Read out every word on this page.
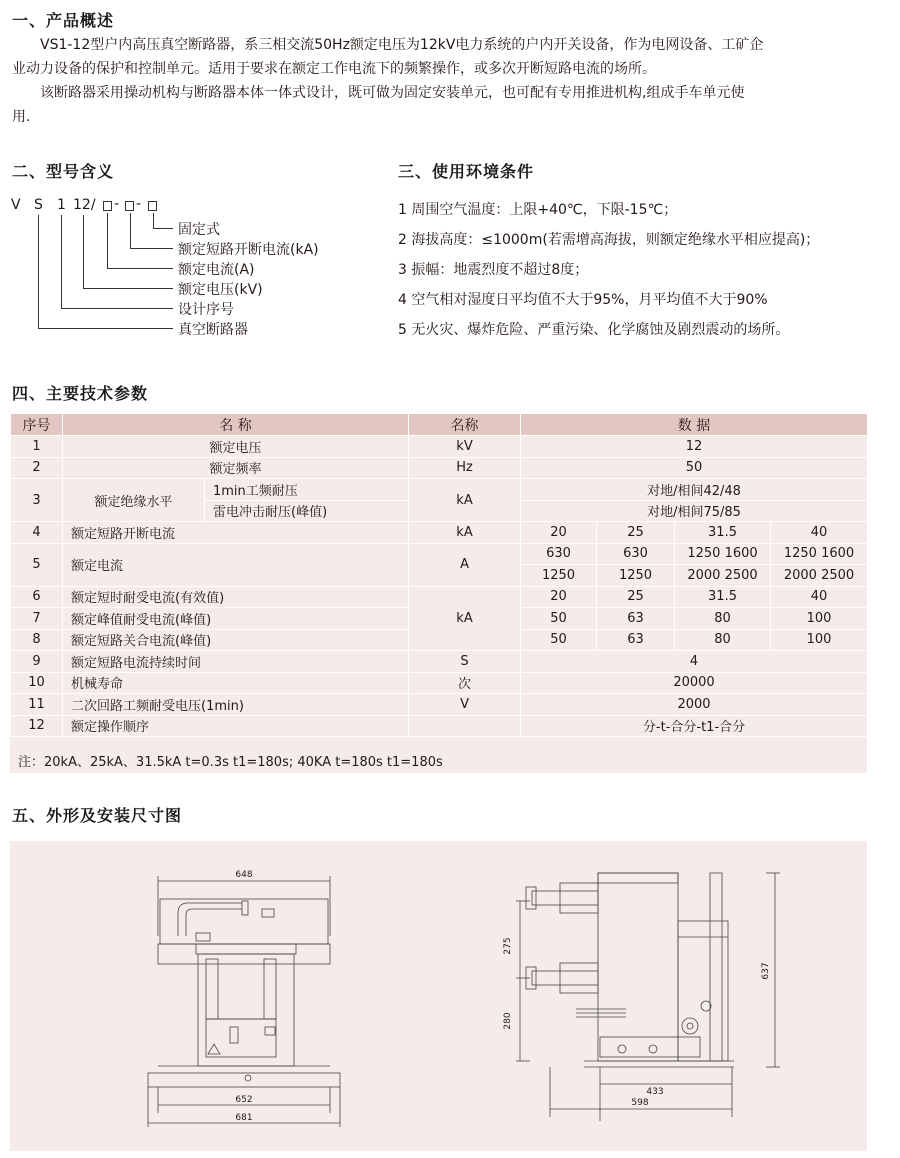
一、产品概述
VS1-12型户内高压真空断路器，系三相交流50Hz额定电压为12kV电力系统的户内开关设备，作为电网设备、工矿企
业动力设备的保护和控制单元。适用于要求在额定工作电流下的频繁操作，或多次开断短路电流的场所。
该断路器采用操动机构与断路器本体一体式设计，既可做为固定安装单元，也可配有专用推进机构,组成手车单元使
用.
二、型号含义
V S 1 12/ - -
固定式
额定短路开断电流(kA)
额定电流(A)
额定电压(kV)
设计序号
真空断路器
三、使用环境条件
1 周围空气温度：上限+40℃，下限-15℃；
2 海拔高度：≤1000m(若需增高海拔，则额定绝缘水平相应提高)；
3 振幅：地震烈度不超过8度；
4 空气相对湿度日平均值不大于95%，月平均值不大于90%
5 无火灾、爆炸危险、严重污染、化学腐蚀及剧烈震动的场所。
四、主要技术参数
序号	名 称		名称	数 据			
1	额定电压		kV	12			
2	额定频率		Hz	50			
3	额定绝缘水平	1min工频耐压	kA	对地/相间42/48			
		雷电冲击耐压(峰值)		对地/相间75/85			
4	额定短路开断电流		kA	20	25	31.5	40
5	额定电流		A	630	630	1250 1600	1250 1600
				1250	1250	2000 2500	2000 2500
6	额定短时耐受电流(有效值)		kA	20	25	31.5	40
7	额定峰值耐受电流(峰值)			50	63	80	100
8	额定短路关合电流(峰值)			50	63	80	100
9	额定短路电流持续时间		S	4			
10	机械寿命		次	20000			
11	二次回路工频耐受电压(1min)		V	2000			
12	额定操作顺序			分-t-合分-t1-合分			
注：20kA、25kA、31.5kA t=0.3s t1=180s; 40KA t=180s t1=180s
五、外形及安装尺寸图
648
652
681
275
280
637
433
598
